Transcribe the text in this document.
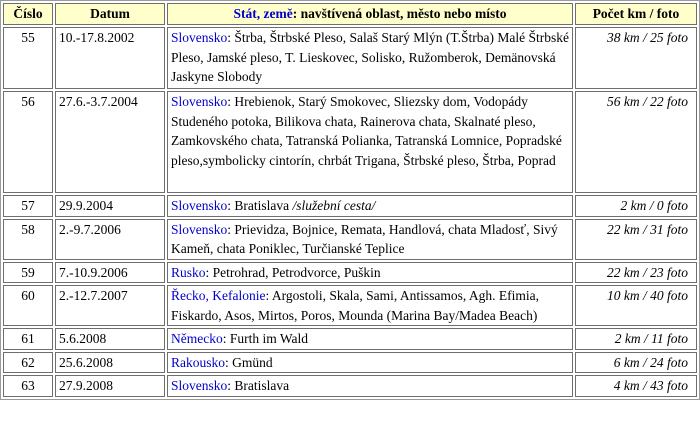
Číslo	Datum	Stát, země: navštívená oblast, město nebo místo	Počet km / foto
55	10.-17.8.2002	Slovensko: Štrba, Štrbské Pleso, Salaš Starý Mlýn (T.Štrba) Malé Štrbské Pleso, Jamské pleso, T. Lieskovec, Solisko, Ružomberok, Demänovská Jaskyne Slobody	38 km / 25 foto
56	27.6.-3.7.2004	Slovensko: Hrebienok, Starý Smokovec, Sliezsky dom, Vodopády Studeného potoka, Bilikova chata, Rainerova chata, Skalnaté pleso, Zamkovského chata, Tatranská Polianka, Tatranská Lomnice, Popradské pleso,symbolicky cintorín, chrbát Trigana, Štrbské pleso, Štrba, Poprad	56 km / 22 foto
57	29.9.2004	Slovensko: Bratislava /služební cesta/	2 km / 0 foto
58	2.-9.7.2006	Slovensko: Prievidza, Bojnice, Remata, Handlová, chata Mladosť, Sivý Kameň, chata Poniklec, Turčianské Teplice	22 km / 31 foto
59	7.-10.9.2006	Rusko: Petrohrad, Petrodvorce, Puškin	22 km / 23 foto
60	2.-12.7.2007	Řecko, Kefalonie: Argostoli, Skala, Sami, Antissamos, Agh. Efimia, Fiskardo, Asos, Mirtos, Poros, Mounda (Marina Bay/Madea Beach)	10 km / 40 foto
61	5.6.2008	Německo: Furth im Wald	2 km / 11 foto
62	25.6.2008	Rakousko: Gmünd	6 km / 24 foto
63	27.9.2008	Slovensko: Bratislava	4 km / 43 foto
